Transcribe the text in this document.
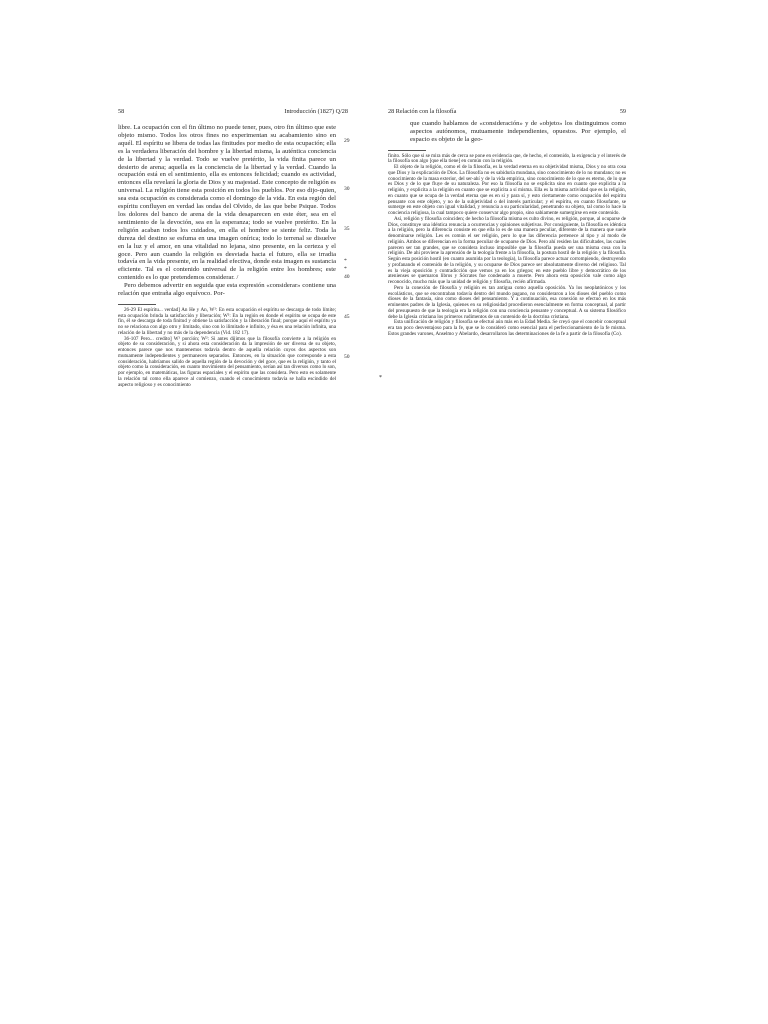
58	Introducción (1827) Q/28

libre. La ocupación con el fin último no puede tener, pues, otro fin último que este objeto mismo. Todos los otros fines no experimentan su acabamiento sino en aquél. El espíritu se libera de todas las finitudes por medio de esta ocupación; ella es la verdadera liberación del hombre y la libertad misma, la auténtica conciencia de la libertad y la verdad. Todo se vuelve pretérito, la vida finita parece un desierto de arena; aquella es la conciencia de la libertad y la verdad. Cuando la ocupación está en el sentimiento, ella es entonces felicidad; cuando es actividad, entonces ella revelará la gloria de Dios y su majestad. Este concepto de religión es universal. La religión tiene esta posición en todos los pueblos. Por eso dijo-quien, sea esta ocupación es considerada como el domingo de la vida. En esta región del espíritu confluyen en verdad las ondas del Olvido, de las que bebe Psique. Todos los dolores del banco de arena de la vida desaparecen en este éter, sea en el sentimiento de la devoción, sea en la esperanza; todo se vuelve pretérito. En la religión acaban todos los cuidados, en ella el hombre se siente feliz. Toda la dureza del destino se esfuma en una imagen onírica; todo lo terrenal se disuelve en la luz y el amor, en una vitalidad no lejana, sino presente, en la certeza y el goce. Pero aun cuando la religión es desviada hacia el futuro, ella se irradia todavía en la vida presente, en la realidad efectiva, donde esta imagen es sustancia eficiente. Tal es el contenido universal de la religión entre los hombres; este contenido es lo que pretendemos considerar. /

Pero debemos advertir en seguida que esta expresión «considerar» contiene una relación que entraña algo equívoco. Por-

29
30
35
*
*
40
45
50
26-29 El espíritu... verdad] An He y An, W¹: En esta ocupación el espíritu se descarga de todo límite; esta ocupación brinda la satisfacción y liberación; W²: En la región en donde el espíritu se ocupa de este fin, él se descarga de toda finitud y obtiene la satisfacción y la liberación final; porque aquí el espíritu ya no se relaciona con algo otro y limitado, sino con lo ilimitado e infinito, y ésa es una relación infinita, una relación de la libertad y no más de la dependencia (Vid. 182 17).
36-107 Pero... credito] W¹ porción; W²: Si antes dijimos que la filosofía convierte a la religión en objeto de su consideración, y si ahora esta consideración da la impresión de ser diversa de su objeto, entonces parece que nos mantenemos todavía dentro de aquella relación cuyos dos aspectos son mutuamente independientes y permanecen separados. Entonces, en la situación que corresponde a esta consideración, habríamos salido de aquella región de la devoción y del goce, que es la religión, y tanto el objeto como la consideración, en cuanto movimiento del pensamiento, serían así tan diversos como lo son, por ejemplo, en matemáticas, las figuras espaciales y el espíritu que las considera. Pero esto es solamente la relación tal como ella aparece al comienzo, cuando el conocimiento todavía se halla escindido del aspecto religioso y es conocimiento
28 Relación con la filosofía	59

que cuando hablamos de «consideración» y de «objeto» los distinguimos como aspectos autónomos, mutuamente independientes, opuestos. Por ejemplo, el espacio es objeto de la geo-

*
finito. Sólo que si se mira más de cerca se pone en evidencia que, de hecho, el contenido, la exigencia y el interés de la filosofía son algo [que ella tiene] en común con la religión.
El objeto de la religión, como el de la filosofía, es la verdad eterna en su objetividad misma, Dios y no otra cosa que Dios y la explicación de Dios. La filosofía no es sabiduría mundana, sino conocimiento de lo no mundano; no es conocimiento de la masa exterior, del ser-ahí y de la vida empírica, sino conocimiento de lo que es eterno, de lo que es Dios y de lo que fluye de su naturaleza. Por eso la filosofía no se explicita sino en cuanto que explicita a la religión, y explicita a la religión en cuanto que se explicita a sí misma. Ella es la misma actividad que es la religión, en cuanto que se ocupa de la verdad eterna que es en sí y para sí, y esto ciertamente como ocupación del espíritu pensante con este objeto, y no de la subjetividad o del interés particular; y el espíritu, en cuanto filosofante, se sumerge en este objeto con igual vitalidad, y renuncia a su particularidad, penetrando su objeto, tal como lo hace la conciencia religiosa, la cual tampoco quiere conservar algo propio, sino sabiamente sumergirse en este contenido.
Así, religión y filosofía coinciden; de hecho la filosofía misma es culto divino, es religión, porque, al ocuparse de Dios, constituye una idéntica renuncia a ocurrencias y opiniones subjetivas. Por consiguiente, la filosofía es idéntica a la religión, pero la diferencia consiste en que ella lo es de una manera peculiar, diferente de la manera que suele denominarse religión. Les es común el ser religión, pero lo que las diferencia pertenece al tipo y al modo de religión. Ambos se diferencian en la forma peculiar de ocuparse de Dios. Pero ahí residen las dificultades, las cuales parecen ser tan grandes, que se considera incluso imposible que la filosofía pueda ser una misma cosa con la religión. De ahí proviene la aprensión de la teología frente a la filosofía, la postura hostil de la religión y la filosofía. Según esta posición hostil (en cuanto asumida por la teología), la filosofía parece actuar corrompiendo, destruyendo y profanando el contenido de la religión, y su ocuparse de Dios parece ser absolutamente diverso del religioso. Tal es la vieja oposición y contradicción que vemos ya en los griegos; en este pueblo libre y democrático de los atenienses se quemaron libros y Sócrates fue condenado a muerte. Pero ahora esta oposición vale como algo reconocido, mucho más que la unidad de religión y filosofía, recién afirmada.
Pero la conexión de filosofía y religión es tan antigua como aquella oposición. Ya los neoplatónicos y los escolásticos, que se encontraban todavía dentro del mundo pagano, no consideraron a los dioses del pueblo como dioses de la fantasía, sino como dioses del pensamiento. Y a continuación, esa conexión se efectuó en los más eminentes padres de la Iglesia, quienes en su religiosidad procedieron esencialmente en forma conceptual, al partir del presupuesto de que la teología era la religión con una conciencia pensante y conceptual. A su sistema filosófico debe la Iglesia cristiana los primeros rudimentos de un contenido de la doctrina cristiana.
Esta unificación de religión y filosofía se efectuó aún más en la Edad Media. Se creyó que el concebir conceptual era tan poco desventajoso para la fe, que se lo consideró como esencial para el perfeccionamiento de la fe misma. Estos grandes varones, Anselmo y Abelardo, desarrollaron las determinaciones de la fe a partir de la filosofía (Co).
